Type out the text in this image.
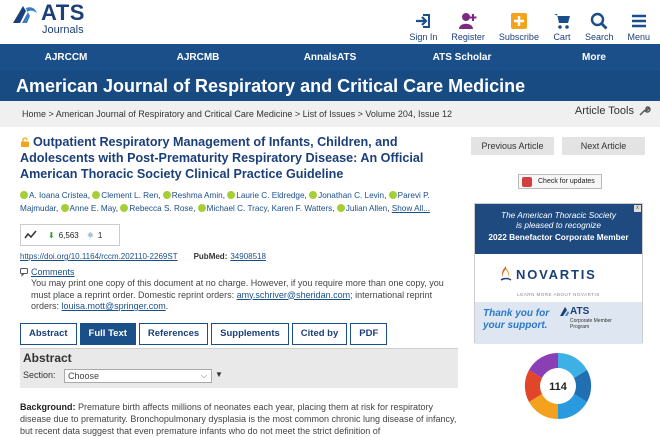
ATS
Journals
Sign In Register Subscribe Cart Search Menu
AJRCCM	AJRCMB	AnnalsATS	ATS Scholar	More
American Journal of Respiratory and Critical Care Medicine
Home > American Journal of Respiratory and Critical Care Medicine > List of Issues > Volume 204, Issue 12	Article Tools
Outpatient Respiratory Management of Infants, Children, and Adolescents with Post-Prematurity Respiratory Disease: An Official American Thoracic Society Clinical Practice Guideline
A. Ioana Cristea, Clement L. Ren, Reshma Amin, Laurie C. Eldredge, Jonathan C. Levin, Parevi P. Majmudar, Anne E. May, Rebecca S. Rose, Michael C. Tracy, Karen F. Watters, Julian Allen, Show All...
⬇ 6,563 ⚛ 1
https://doi.org/10.1164/rccm.202110-2269ST PubMed: 34908518
Comments
You may print one copy of this document at no charge. However, if you require more than one copy, you must place a reprint order. Domestic reprint orders: amy.schriver@sheridan.com; international reprint orders: louisa.mott@springer.com.
Abstract	Full Text	References	Supplements	Cited by	PDF
Abstract
Section:	Choose	⌵ ▼
Background: Premature birth affects millions of neonates each year, placing them at risk for respiratory disease due to prematurity. Bronchopulmonary dysplasia is the most common chronic lung disease of infancy, but recent data suggest that even premature infants who do not meet the strict definition of
Previous Article	Next Article
Check for updates
x
The American Thoracic Society
is pleased to recognize
2022 Benefactor Corporate Member
NOVARTIS
LEARN MORE ABOUT NOVARTIS
Thank you for
your support.
ATS
Corporate Member
Program
114
